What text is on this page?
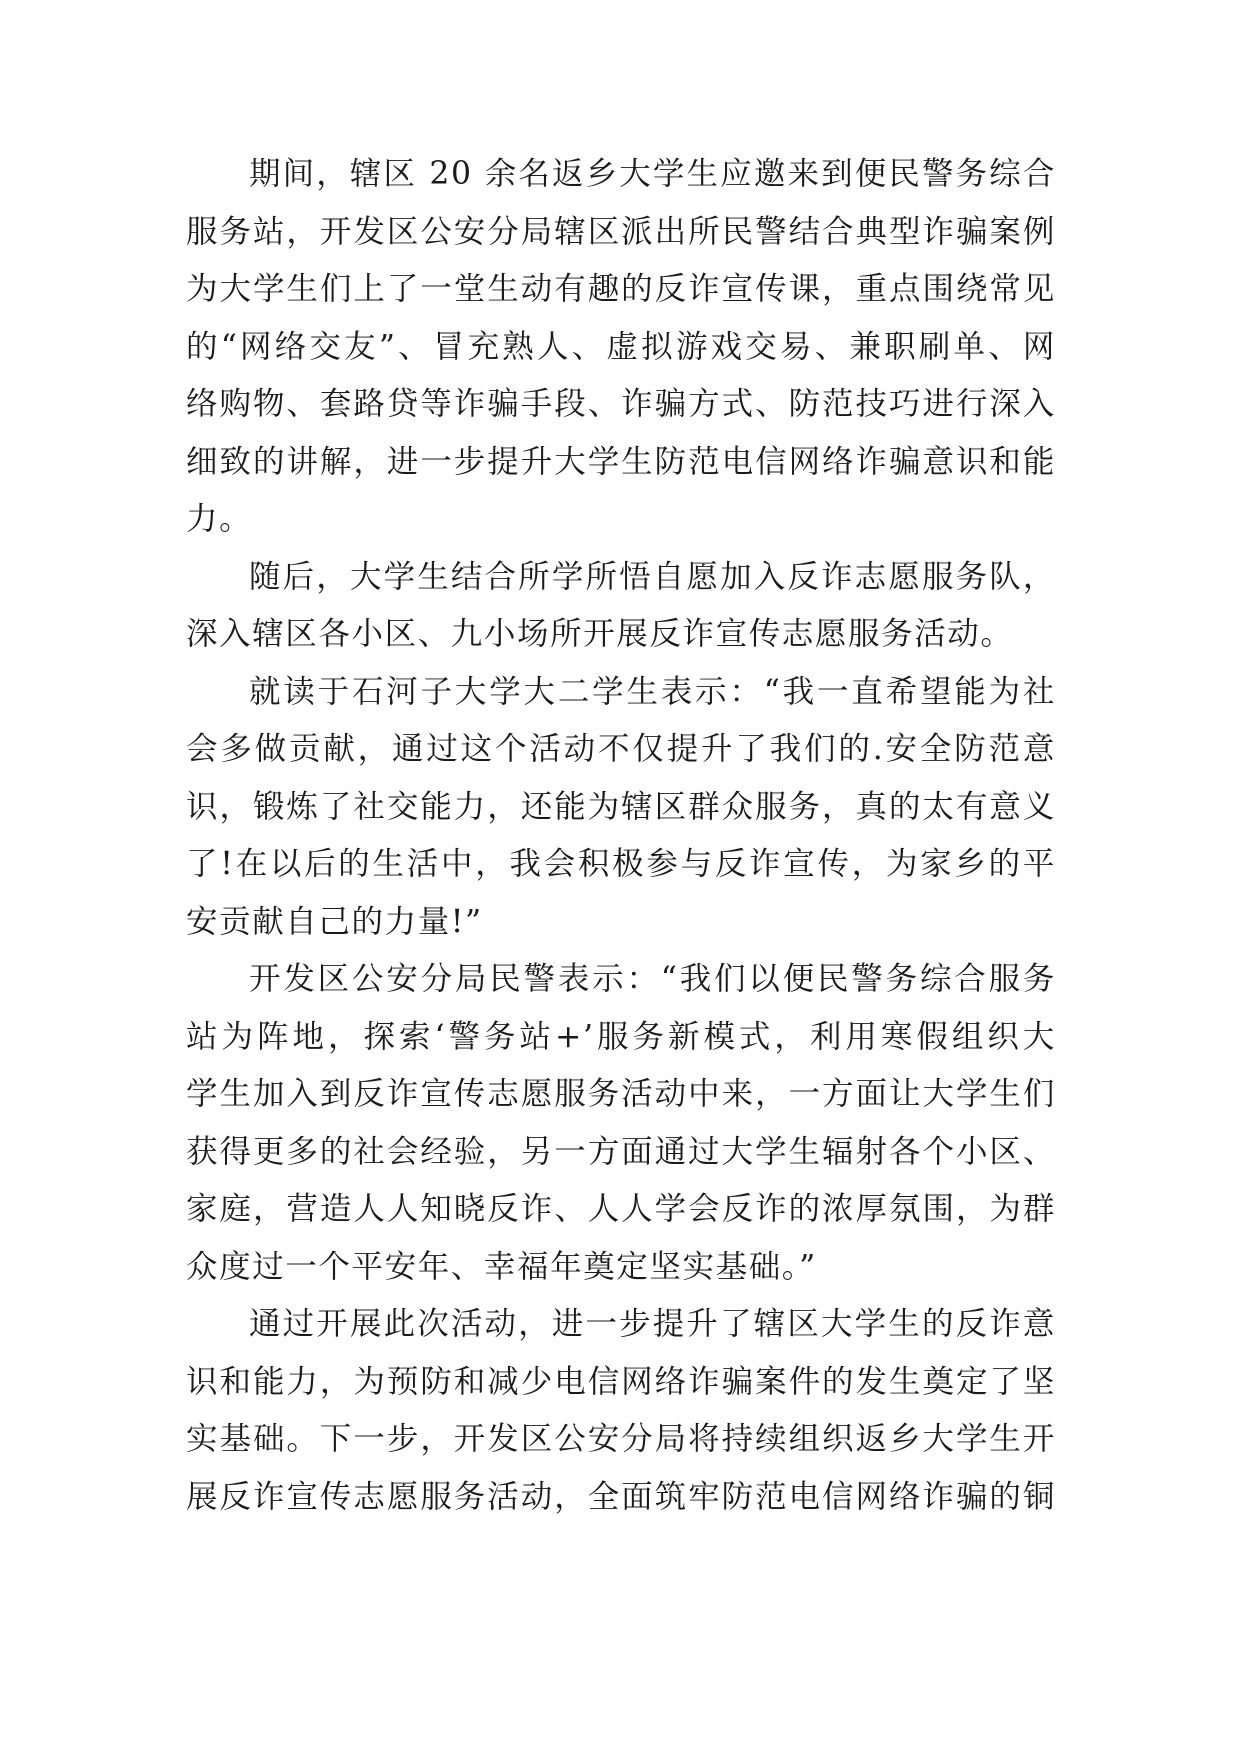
期间，辖区 20 余名返乡大学生应邀来到便民警务综合
服务站，开发区公安分局辖区派出所民警结合典型诈骗案例
为大学生们上了一堂生动有趣的反诈宣传课，重点围绕常见
的“网络交友”、冒充熟人、虚拟游戏交易、兼职刷单、网
络购物、套路贷等诈骗手段、诈骗方式、防范技巧进行深入
细致的讲解，进一步提升大学生防范电信网络诈骗意识和能
力。
随后，大学生结合所学所悟自愿加入反诈志愿服务队，
深入辖区各小区、九小场所开展反诈宣传志愿服务活动。
就读于石河子大学大二学生表示：“我一直希望能为社
会多做贡献，通过这个活动不仅提升了我们的.安全防范意
识，锻炼了社交能力，还能为辖区群众服务，真的太有意义
了!在以后的生活中，我会积极参与反诈宣传，为家乡的平
安贡献自己的力量!”
开发区公安分局民警表示：“我们以便民警务综合服务
站为阵地，探索‘警务站+’服务新模式，利用寒假组织大
学生加入到反诈宣传志愿服务活动中来，一方面让大学生们
获得更多的社会经验，另一方面通过大学生辐射各个小区、
家庭，营造人人知晓反诈、人人学会反诈的浓厚氛围，为群
众度过一个平安年、幸福年奠定坚实基础。”
通过开展此次活动，进一步提升了辖区大学生的反诈意
识和能力，为预防和减少电信网络诈骗案件的发生奠定了坚
实基础。下一步，开发区公安分局将持续组织返乡大学生开
展反诈宣传志愿服务活动，全面筑牢防范电信网络诈骗的铜
